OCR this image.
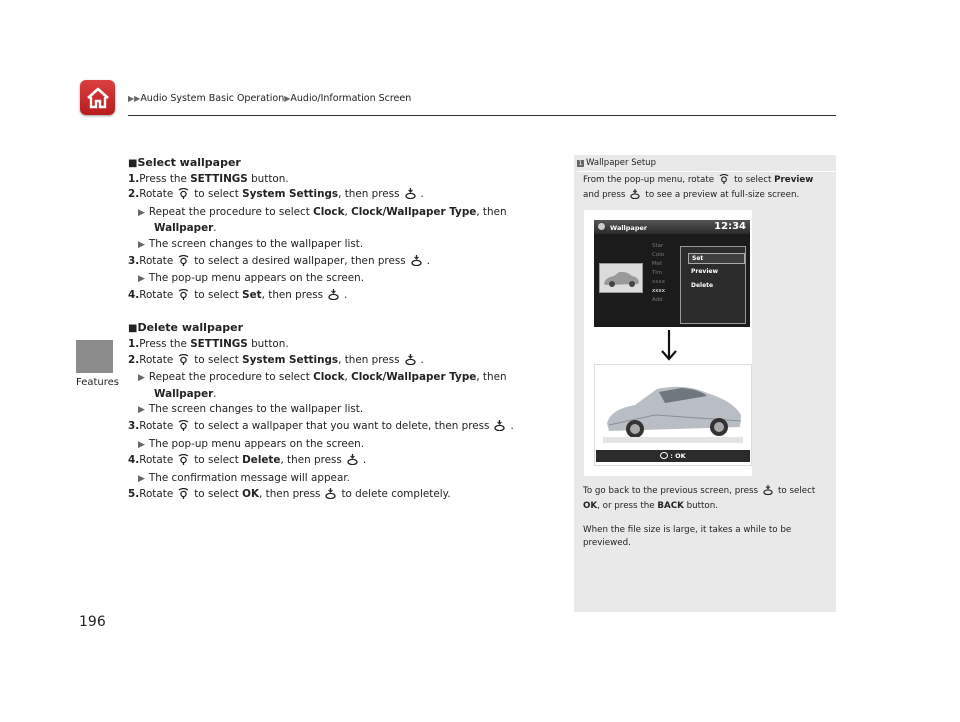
▶▶Audio System Basic Operation▶Audio/Information Screen
Features
196
■Select wallpaper
1.Press the SETTINGS button.
2.Rotate to select System Settings, then press .
▶ Repeat the procedure to select Clock, Clock/Wallpaper Type, then
Wallpaper.
▶ The screen changes to the wallpaper list.
3.Rotate to select a desired wallpaper, then press .
▶ The pop-up menu appears on the screen.
4.Rotate to select Set, then press .
■Delete wallpaper
1.Press the SETTINGS button.
2.Rotate to select System Settings, then press .
▶ Repeat the procedure to select Clock, Clock/Wallpaper Type, then
Wallpaper.
▶ The screen changes to the wallpaper list.
3.Rotate to select a wallpaper that you want to delete, then press .
▶ The pop-up menu appears on the screen.
4.Rotate to select Delete, then press .
▶ The confirmation message will appear.
5.Rotate to select OK, then press to delete completely.
1 Wallpaper Setup
From the pop-up menu, rotate to select Preview
and press to see a preview at full-size screen.
Wallpaper	12:34
Star
Colo
Met
Tim
xxxx
xxxx
Add
Set
Preview
Delete
: OK
To go back to the previous screen, press to select
OK, or press the BACK button.
When the file size is large, it takes a while to be previewed.
